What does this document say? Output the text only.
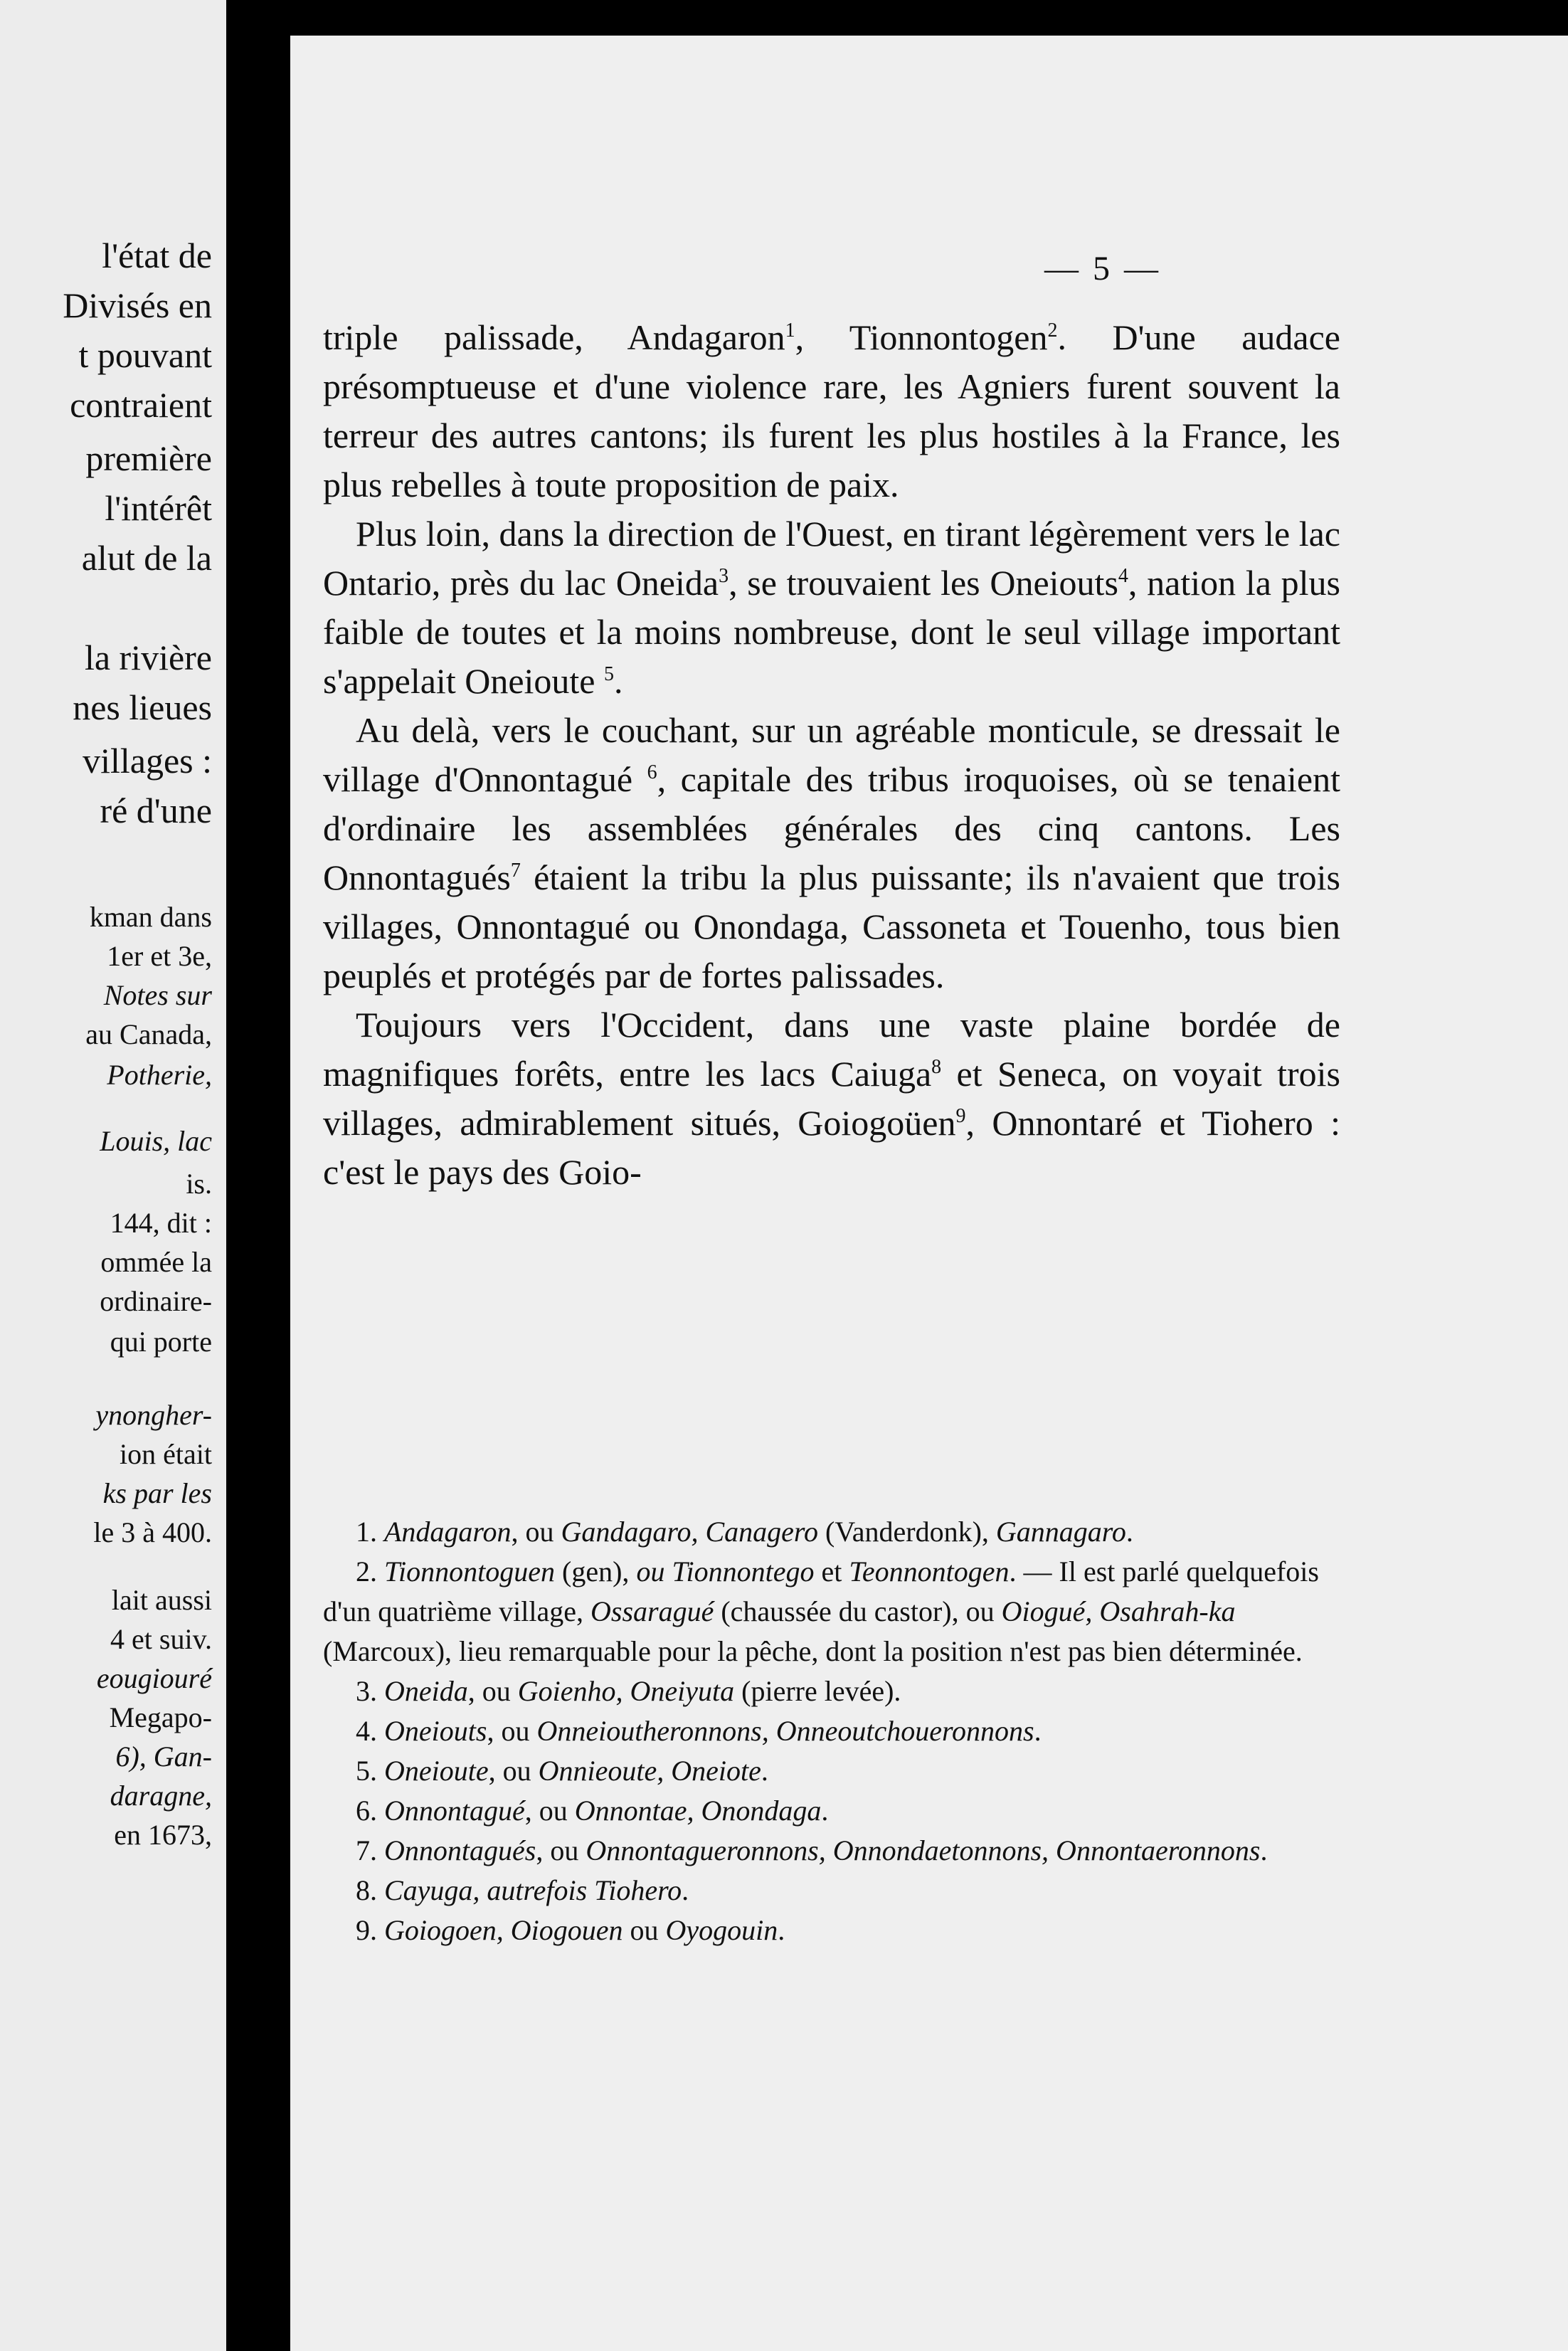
l'état de
Divisés en
t pouvant
contraient
première
l'intérêt
alut de la
la rivière
nes lieues
villages :
ré d'une
kman dans
1er et 3e,
Notes sur
au Canada,
Potherie,
Louis, lac
is.
144, dit :
ommée la
ordinaire-
qui porte
ynongher-
ion était
ks par les
le 3 à 400.
lait aussi
4 et suiv.
eougiouré
Megapo-
6), Gan-
daragne,
en 1673,
— 5 —

triple palissade, Andagaron$^1$, Tionnontogen$^2$. D'une audace présomptueuse et d'une violence rare, les Agniers furent souvent la terreur des autres cantons; ils furent les plus hostiles à la France, les plus rebelles à toute proposition de paix.

Plus loin, dans la direction de l'Ouest, en tirant légèrement vers le lac Ontario, près du lac Oneida$^3$, se trouvaient les Oneiouts$^4$, nation la plus faible de toutes et la moins nombreuse, dont le seul village important s'appelait Oneioute $^5$.

Au delà, vers le couchant, sur un agréable monticule, se dressait le village d'Onnontagué $^6$, capitale des tribus iroquoises, où se tenaient d'ordinaire les assemblées générales des cinq cantons. Les Onnontagués$^7$ étaient la tribu la plus puissante; ils n'avaient que trois villages, Onnontagué ou Onondaga, Cassoneta et Touenho, tous bien peuplés et protégés par de fortes palissades.

Toujours vers l'Occident, dans une vaste plaine bordée de magnifiques forêts, entre les lacs Caiuga$^8$ et Seneca, on voyait trois villages, admirablement situés, Goiogoüen$^9$, Onnontaré et Tiohero : c'est le pays des Goio-

1. Andagaron, ou Gandagaro, Canagero (Vanderdonk), Gannagaro.

2. Tionnontoguen (gen), ou Tionnontego et Teonnontogen. — Il est parlé quelquefois d'un quatrième village, Ossaragué (chaussée du castor), ou Oiogué, Osahrah-ka (Marcoux), lieu remarquable pour la pêche, dont la position n'est pas bien déterminée.

3. Oneida, ou Goienho, Oneiyuta (pierre levée).

4. Oneiouts, ou Onneioutheronnons, Onneoutchoueronnons.

5. Oneioute, ou Onnieoute, Oneiote.

6. Onnontagué, ou Onnontae, Onondaga.

7. Onnontagués, ou Onnontagueronnons, Onnondaetonnons, Onnontaeronnons.

8. Cayuga, autrefois Tiohero.

9. Goiogoen, Oiogouen ou Oyogouin.
